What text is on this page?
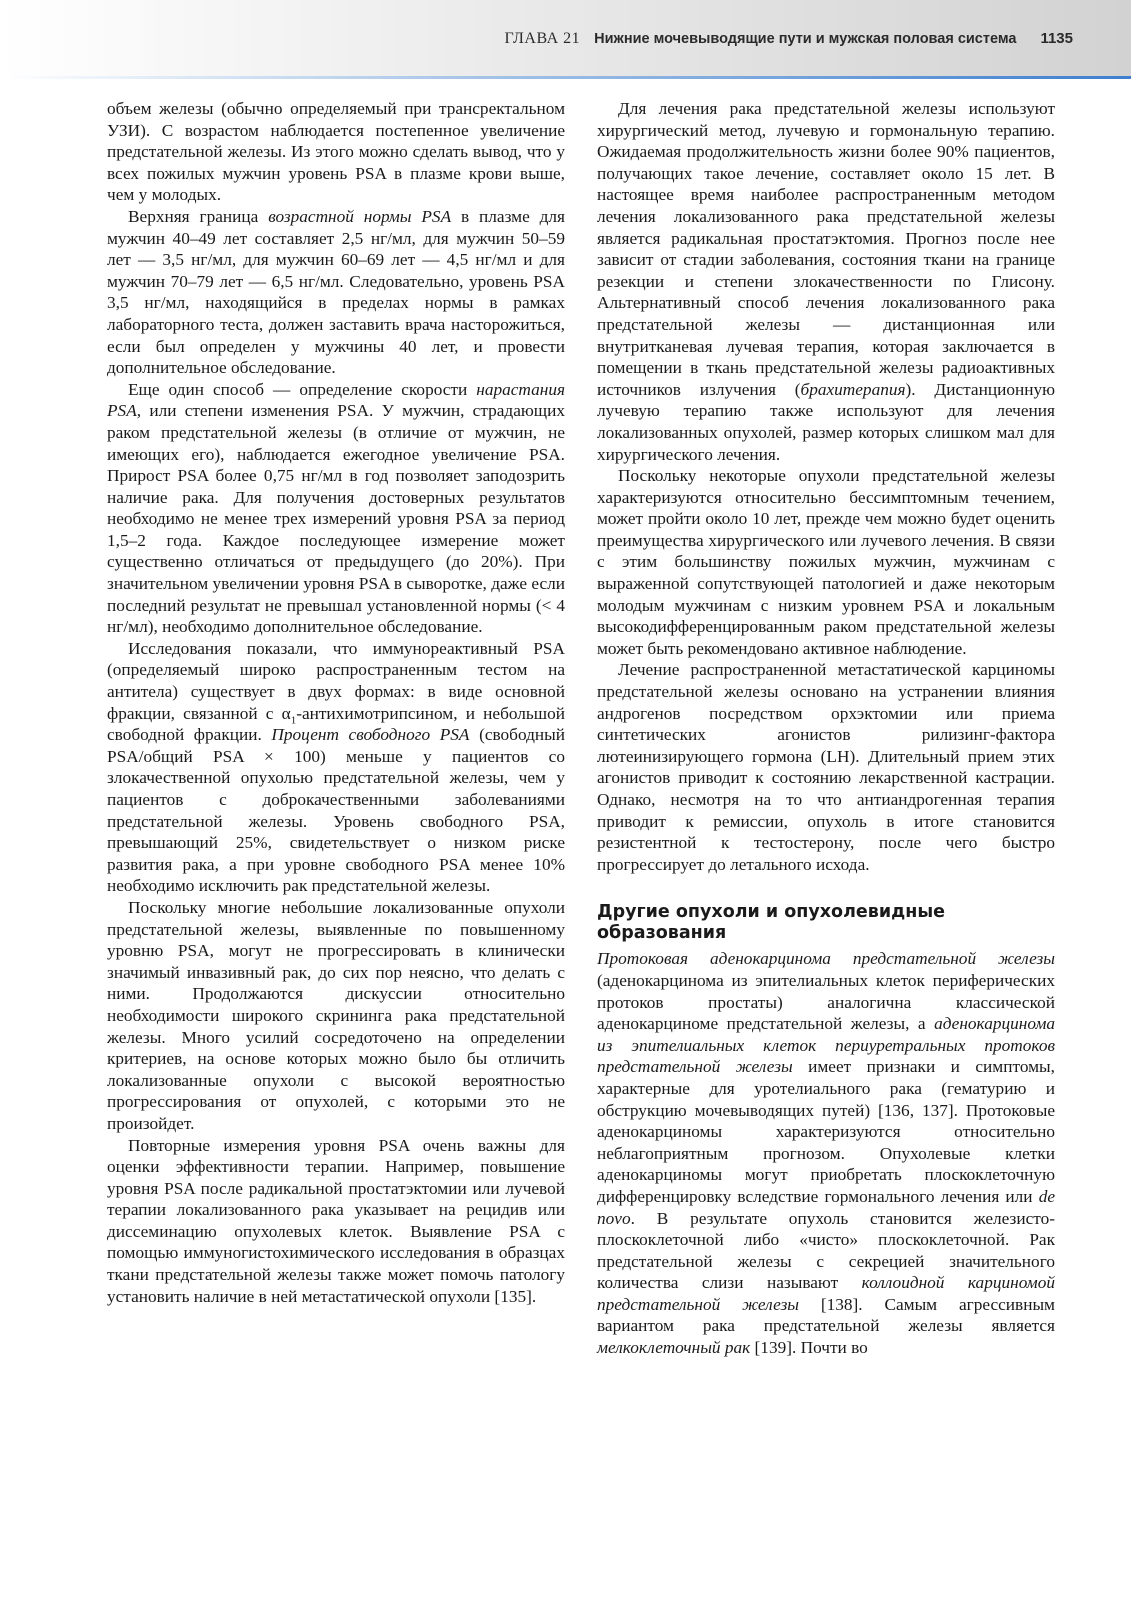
ГЛАВА 21 Нижние мочевыводящие пути и мужская половая система 1135

объем железы (обычно определяемый при трансректальном УЗИ). С возрастом наблюдается постепенное увеличение предстательной железы. Из этого можно сделать вывод, что у всех пожилых мужчин уровень PSA в плазме крови выше, чем у молодых.

Верхняя граница возрастной нормы PSA в плазме для мужчин 40–49 лет составляет 2,5 нг/мл, для мужчин 50–59 лет — 3,5 нг/мл, для мужчин 60–69 лет — 4,5 нг/мл и для мужчин 70–79 лет — 6,5 нг/мл. Следовательно, уровень PSA 3,5 нг/мл, находящийся в пределах нормы в рамках лабораторного теста, должен заставить врача насторожиться, если был определен у мужчины 40 лет, и провести дополнительное обследование.

Еще один способ — определение скорости нарастания PSA, или степени изменения PSA. У мужчин, страдающих раком предстательной железы (в отличие от мужчин, не имеющих его), наблюдается ежегодное увеличение PSA. Прирост PSA более 0,75 нг/мл в год позволяет заподозрить наличие рака. Для получения достоверных результатов необходимо не менее трех измерений уровня PSA за период 1,5–2 года. Каждое последующее измерение может существенно отличаться от предыдущего (до 20%). При значительном увеличении уровня PSA в сыворотке, даже если последний результат не превышал установленной нормы (< 4 нг/мл), необходимо дополнительное обследование.

Исследования показали, что иммунореактивный PSA (определяемый широко распространенным тестом на антитела) существует в двух формах: в виде основной фракции, связанной с $\alpha_1$-антихимотрипсином, и небольшой свободной фракции. Процент свободного PSA (свободный PSA/общий PSA × 100) меньше у пациентов со злокачественной опухолью предстательной железы, чем у пациентов с доброкачественными заболеваниями предстательной железы. Уровень свободного PSA, превышающий 25%, свидетельствует о низком риске развития рака, а при уровне свободного PSA менее 10% необходимо исключить рак предстательной железы.

Поскольку многие небольшие локализованные опухоли предстательной железы, выявленные по повышенному уровню PSA, могут не прогрессировать в клинически значимый инвазивный рак, до сих пор неясно, что делать с ними. Продолжаются дискуссии относительно необходимости широкого скрининга рака предстательной железы. Много усилий сосредоточено на определении критериев, на основе которых можно было бы отличить локализованные опухоли с высокой вероятностью прогрессирования от опухолей, с которыми это не произойдет.

Повторные измерения уровня PSA очень важны для оценки эффективности терапии. Например, повышение уровня PSA после радикальной простатэктомии или лучевой терапии локализованного рака указывает на рецидив или диссеминацию опухолевых клеток. Выявление PSA с помощью иммуногистохимического исследования в образцах ткани предстательной железы также может помочь патологу установить наличие в ней метастатической опухоли [135].

Для лечения рака предстательной железы используют хирургический метод, лучевую и гормональную терапию. Ожидаемая продолжительность жизни более 90% пациентов, получающих такое лечение, составляет около 15 лет. В настоящее время наиболее распространенным методом лечения локализованного рака предстательной железы является радикальная простатэктомия. Прогноз после нее зависит от стадии заболевания, состояния ткани на границе резекции и степени злокачественности по Глисону. Альтернативный способ лечения локализованного рака предстательной железы — дистанционная или внутритканевая лучевая терапия, которая заключается в помещении в ткань предстательной железы радиоактивных источников излучения (брахитерапия). Дистанционную лучевую терапию также используют для лечения локализованных опухолей, размер которых слишком мал для хирургического лечения.

Поскольку некоторые опухоли предстательной железы характеризуются относительно бессимптомным течением, может пройти около 10 лет, прежде чем можно будет оценить преимущества хирургического или лучевого лечения. В связи с этим большинству пожилых мужчин, мужчинам с выраженной сопутствующей патологией и даже некоторым молодым мужчинам с низким уровнем PSA и локальным высокодифференцированным раком предстательной железы может быть рекомендовано активное наблюдение.

Лечение распространенной метастатической карциномы предстательной железы основано на устранении влияния андрогенов посредством орхэктомии или приема синтетических агонистов рилизинг-фактора лютеинизирующего гормона (LH). Длительный прием этих агонистов приводит к состоянию лекарственной кастрации. Однако, несмотря на то что антиандрогенная терапия приводит к ремиссии, опухоль в итоге становится резистентной к тестостерону, после чего быстро прогрессирует до летального исхода.

Другие опухоли и опухолевидные образования

Протоковая аденокарцинома предстательной железы (аденокарцинома из эпителиальных клеток периферических протоков простаты) аналогична классической аденокарциноме предстательной железы, а аденокарцинома из эпителиальных клеток периуретральных протоков предстательной железы имеет признаки и симптомы, характерные для уротелиального рака (гематурию и обструкцию мочевыводящих путей) [136, 137]. Протоковые аденокарциномы характеризуются относительно неблагоприятным прогнозом. Опухолевые клетки аденокарциномы могут приобретать плоскоклеточную дифференцировку вследствие гормонального лечения или de novo. В результате опухоль становится железисто-плоскоклеточной либо «чисто» плоскоклеточной. Рак предстательной железы с секрецией значительного количества слизи называют коллоидной карциномой предстательной железы [138]. Самым агрессивным вариантом рака предстательной железы является мелкоклеточный рак [139]. Почти во
